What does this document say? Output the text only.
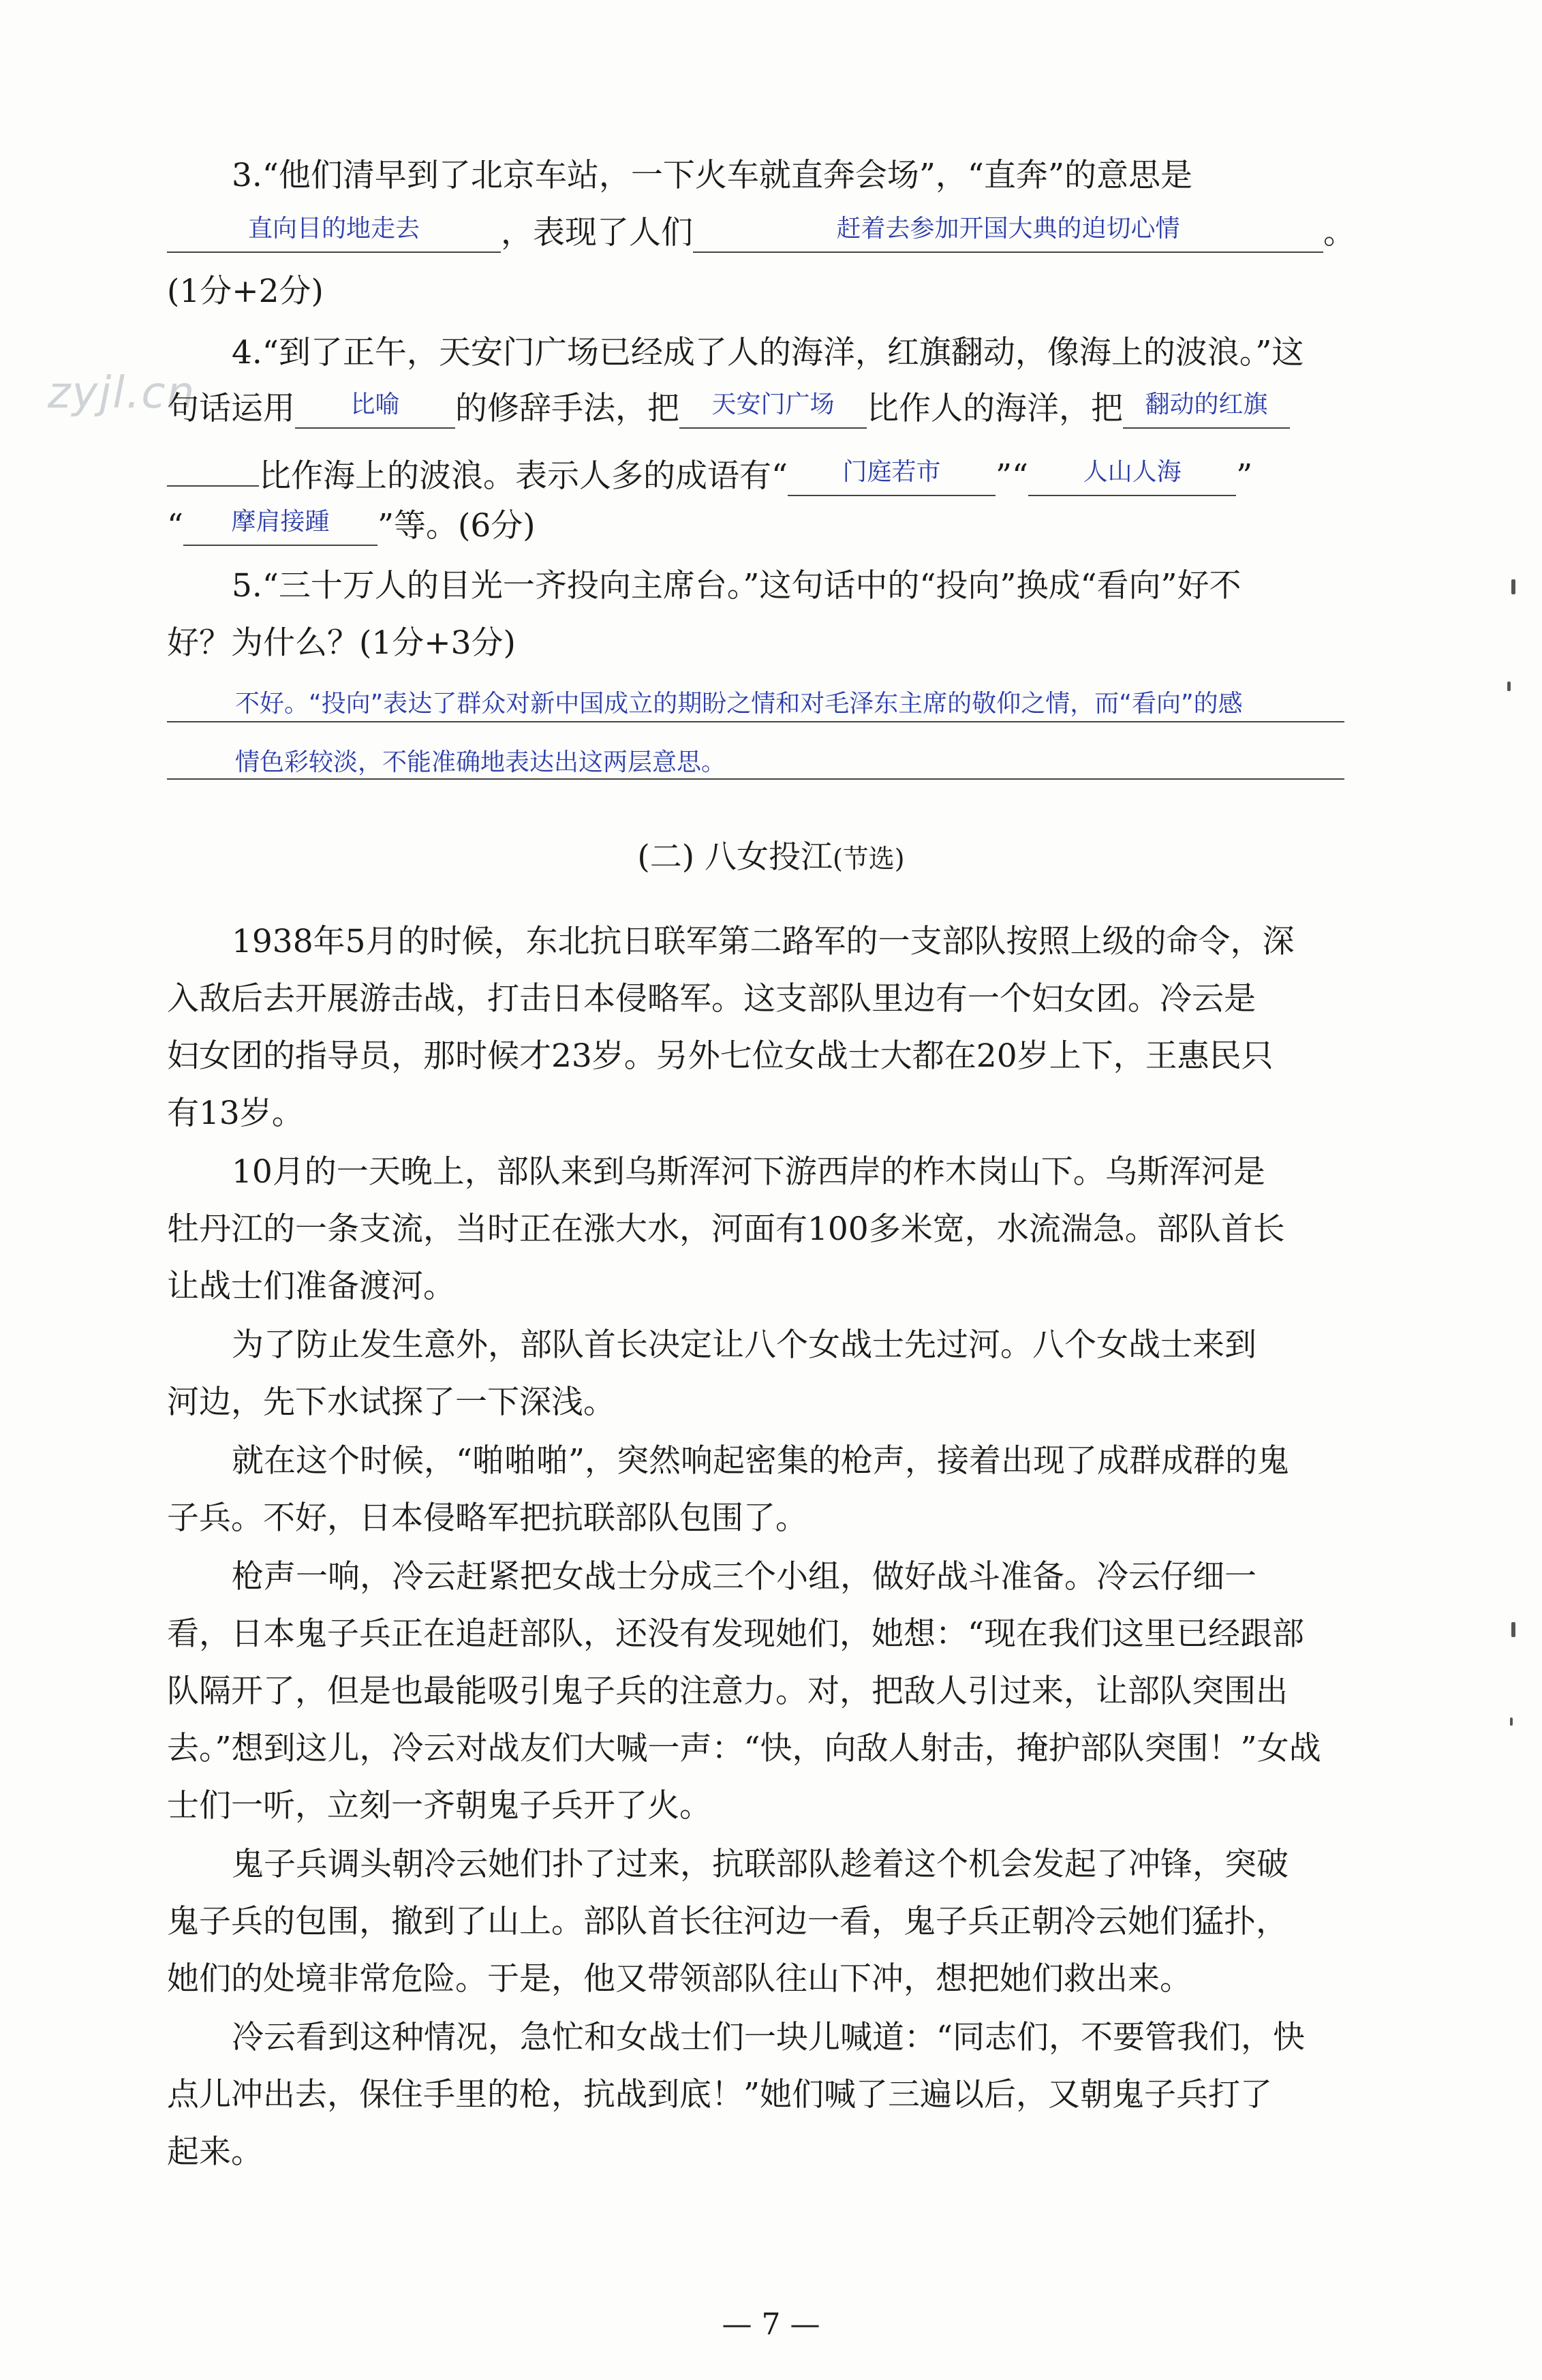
zyjl.cn
3.“他们清早到了北京车站，一下火车就直奔会场”，“直奔”的意思是
$^{直向目的地走去}$	，表现了人们	$^{赶着去参加开国大典的迫切心情}$	。
(1分+2分)
4.“到了正午，天安门广场已经成了人的海洋，红旗翻动，像海上的波浪。”这
句话运用 $^{比喻}$ 的修辞手法，把 $^{天安门广场}$ 比作人的海洋，把 $^{翻动的红旗}$
比作海上的波浪。表示人多的成语有“ $^{门庭若市}$ ”“ $^{人山人海}$ ”
“ $^{摩肩接踵}$ ”等。(6分)
5.“三十万人的目光一齐投向主席台。”这句话中的“投向”换成“看向”好不
好？为什么？(1分+3分)
不好。“投向”表达了群众对新中国成立的期盼之情和对毛泽东主席的敬仰之情，而“看向”的感
情色彩较淡，不能准确地表达出这两层意思。
(二) 八女投江(节选)
1938年5月的时候，东北抗日联军第二路军的一支部队按照上级的命令，深
入敌后去开展游击战，打击日本侵略军。这支部队里边有一个妇女团。冷云是
妇女团的指导员，那时候才23岁。另外七位女战士大都在20岁上下，王惠民只
有13岁。
10月的一天晚上，部队来到乌斯浑河下游西岸的柞木岗山下。乌斯浑河是
牡丹江的一条支流，当时正在涨大水，河面有100多米宽，水流湍急。部队首长
让战士们准备渡河。
为了防止发生意外，部队首长决定让八个女战士先过河。八个女战士来到
河边，先下水试探了一下深浅。
就在这个时候，“啪啪啪”，突然响起密集的枪声，接着出现了成群成群的鬼
子兵。不好，日本侵略军把抗联部队包围了。
枪声一响，冷云赶紧把女战士分成三个小组，做好战斗准备。冷云仔细一
看，日本鬼子兵正在追赶部队，还没有发现她们，她想：“现在我们这里已经跟部
队隔开了，但是也最能吸引鬼子兵的注意力。对，把敌人引过来，让部队突围出
去。”想到这儿，冷云对战友们大喊一声：“快，向敌人射击，掩护部队突围！”女战
士们一听，立刻一齐朝鬼子兵开了火。
鬼子兵调头朝冷云她们扑了过来，抗联部队趁着这个机会发起了冲锋，突破
鬼子兵的包围，撤到了山上。部队首长往河边一看，鬼子兵正朝冷云她们猛扑，
她们的处境非常危险。于是，他又带领部队往山下冲，想把她们救出来。
冷云看到这种情况，急忙和女战士们一块儿喊道：“同志们，不要管我们，快
点儿冲出去，保住手里的枪，抗战到底！”她们喊了三遍以后，又朝鬼子兵打了
起来。
— 7 —
